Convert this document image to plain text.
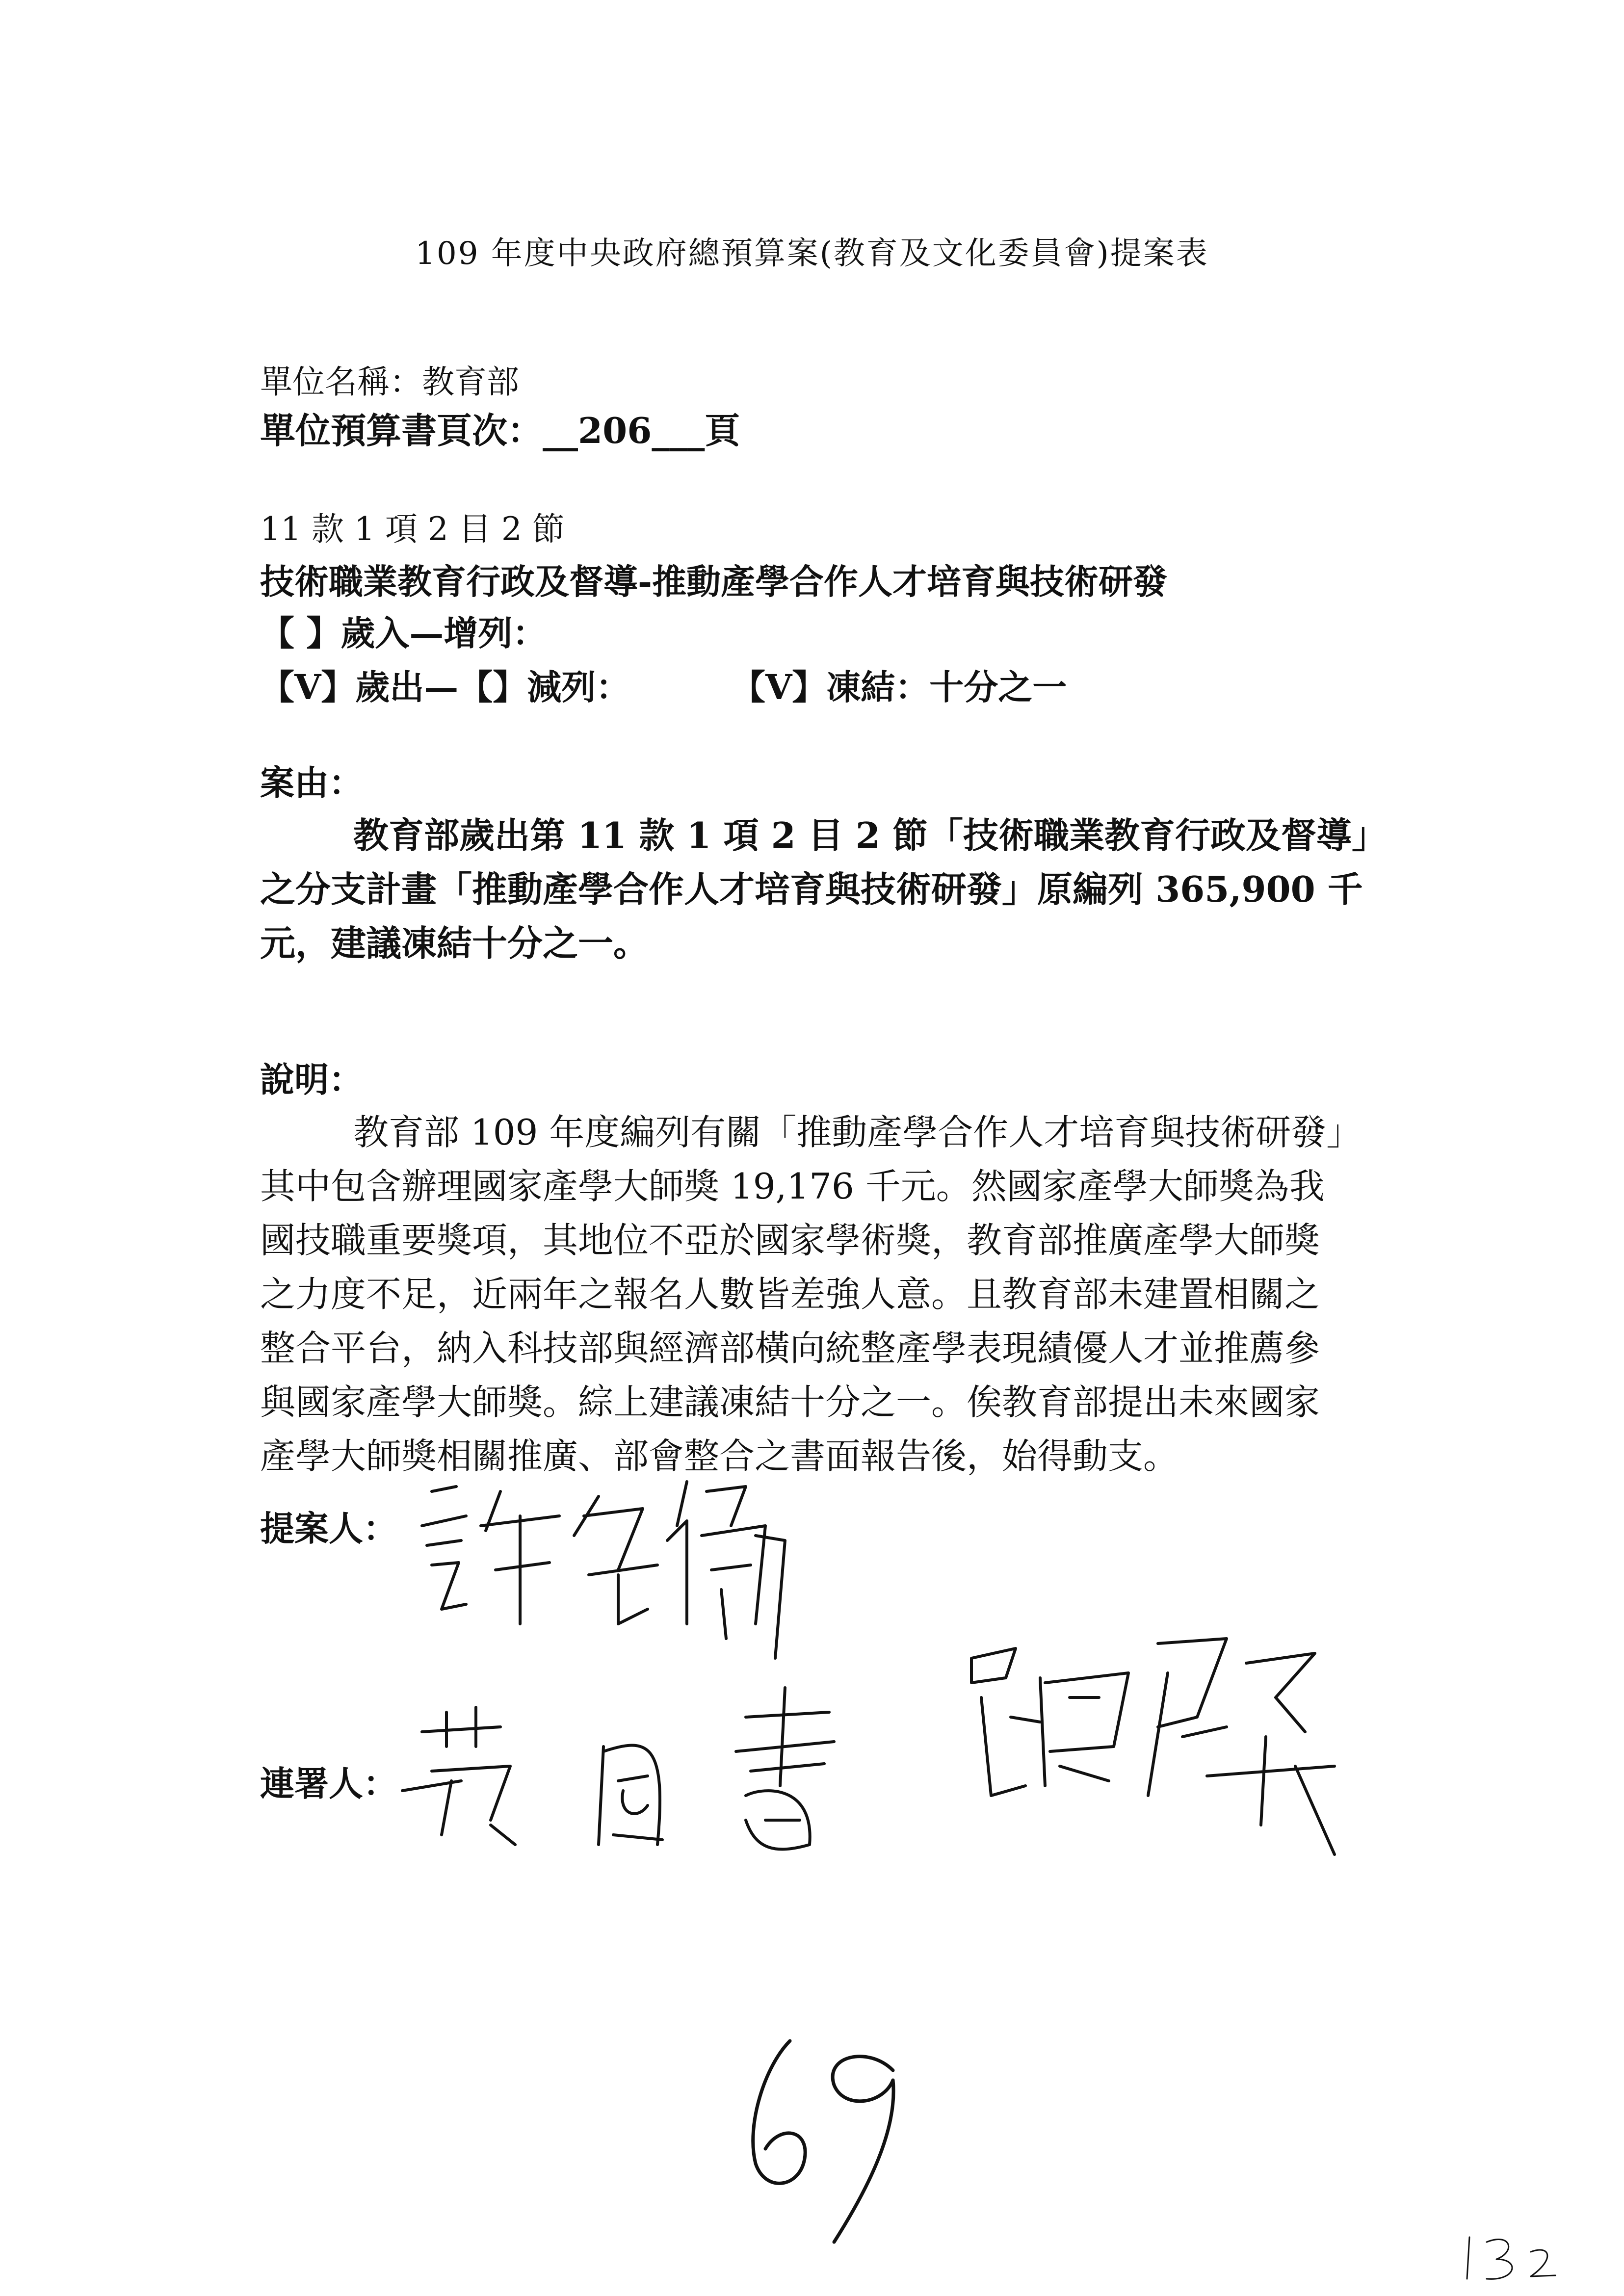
109 年度中央政府總預算案(教育及文化委員會)提案表
單位名稱：教育部
單位預算書頁次：__206___頁
11 款 1 項 2 目 2 節
技術職業教育行政及督導-推動產學合作人才培育與技術研發
【 】歲入—增列：
【V】歲出—【】減列：	【V】凍結：十分之一
案由：
教育部歲出第 11 款 1 項 2 目 2 節「技術職業教育行政及督導」
之分支計畫「推動產學合作人才培育與技術研發」原編列 365,900 千
元，建議凍結十分之一。
說明：
教育部 109 年度編列有關「推動產學合作人才培育與技術研發」
其中包含辦理國家產學大師獎 19,176 千元。然國家產學大師獎為我
國技職重要獎項，其地位不亞於國家學術獎，教育部推廣產學大師獎
之力度不足，近兩年之報名人數皆差強人意。且教育部未建置相關之
整合平台，納入科技部與經濟部橫向統整產學表現績優人才並推薦參
與國家產學大師獎。綜上建議凍結十分之一。俟教育部提出未來國家
產學大師獎相關推廣、部會整合之書面報告後，始得動支。
提案人：
連署人：
